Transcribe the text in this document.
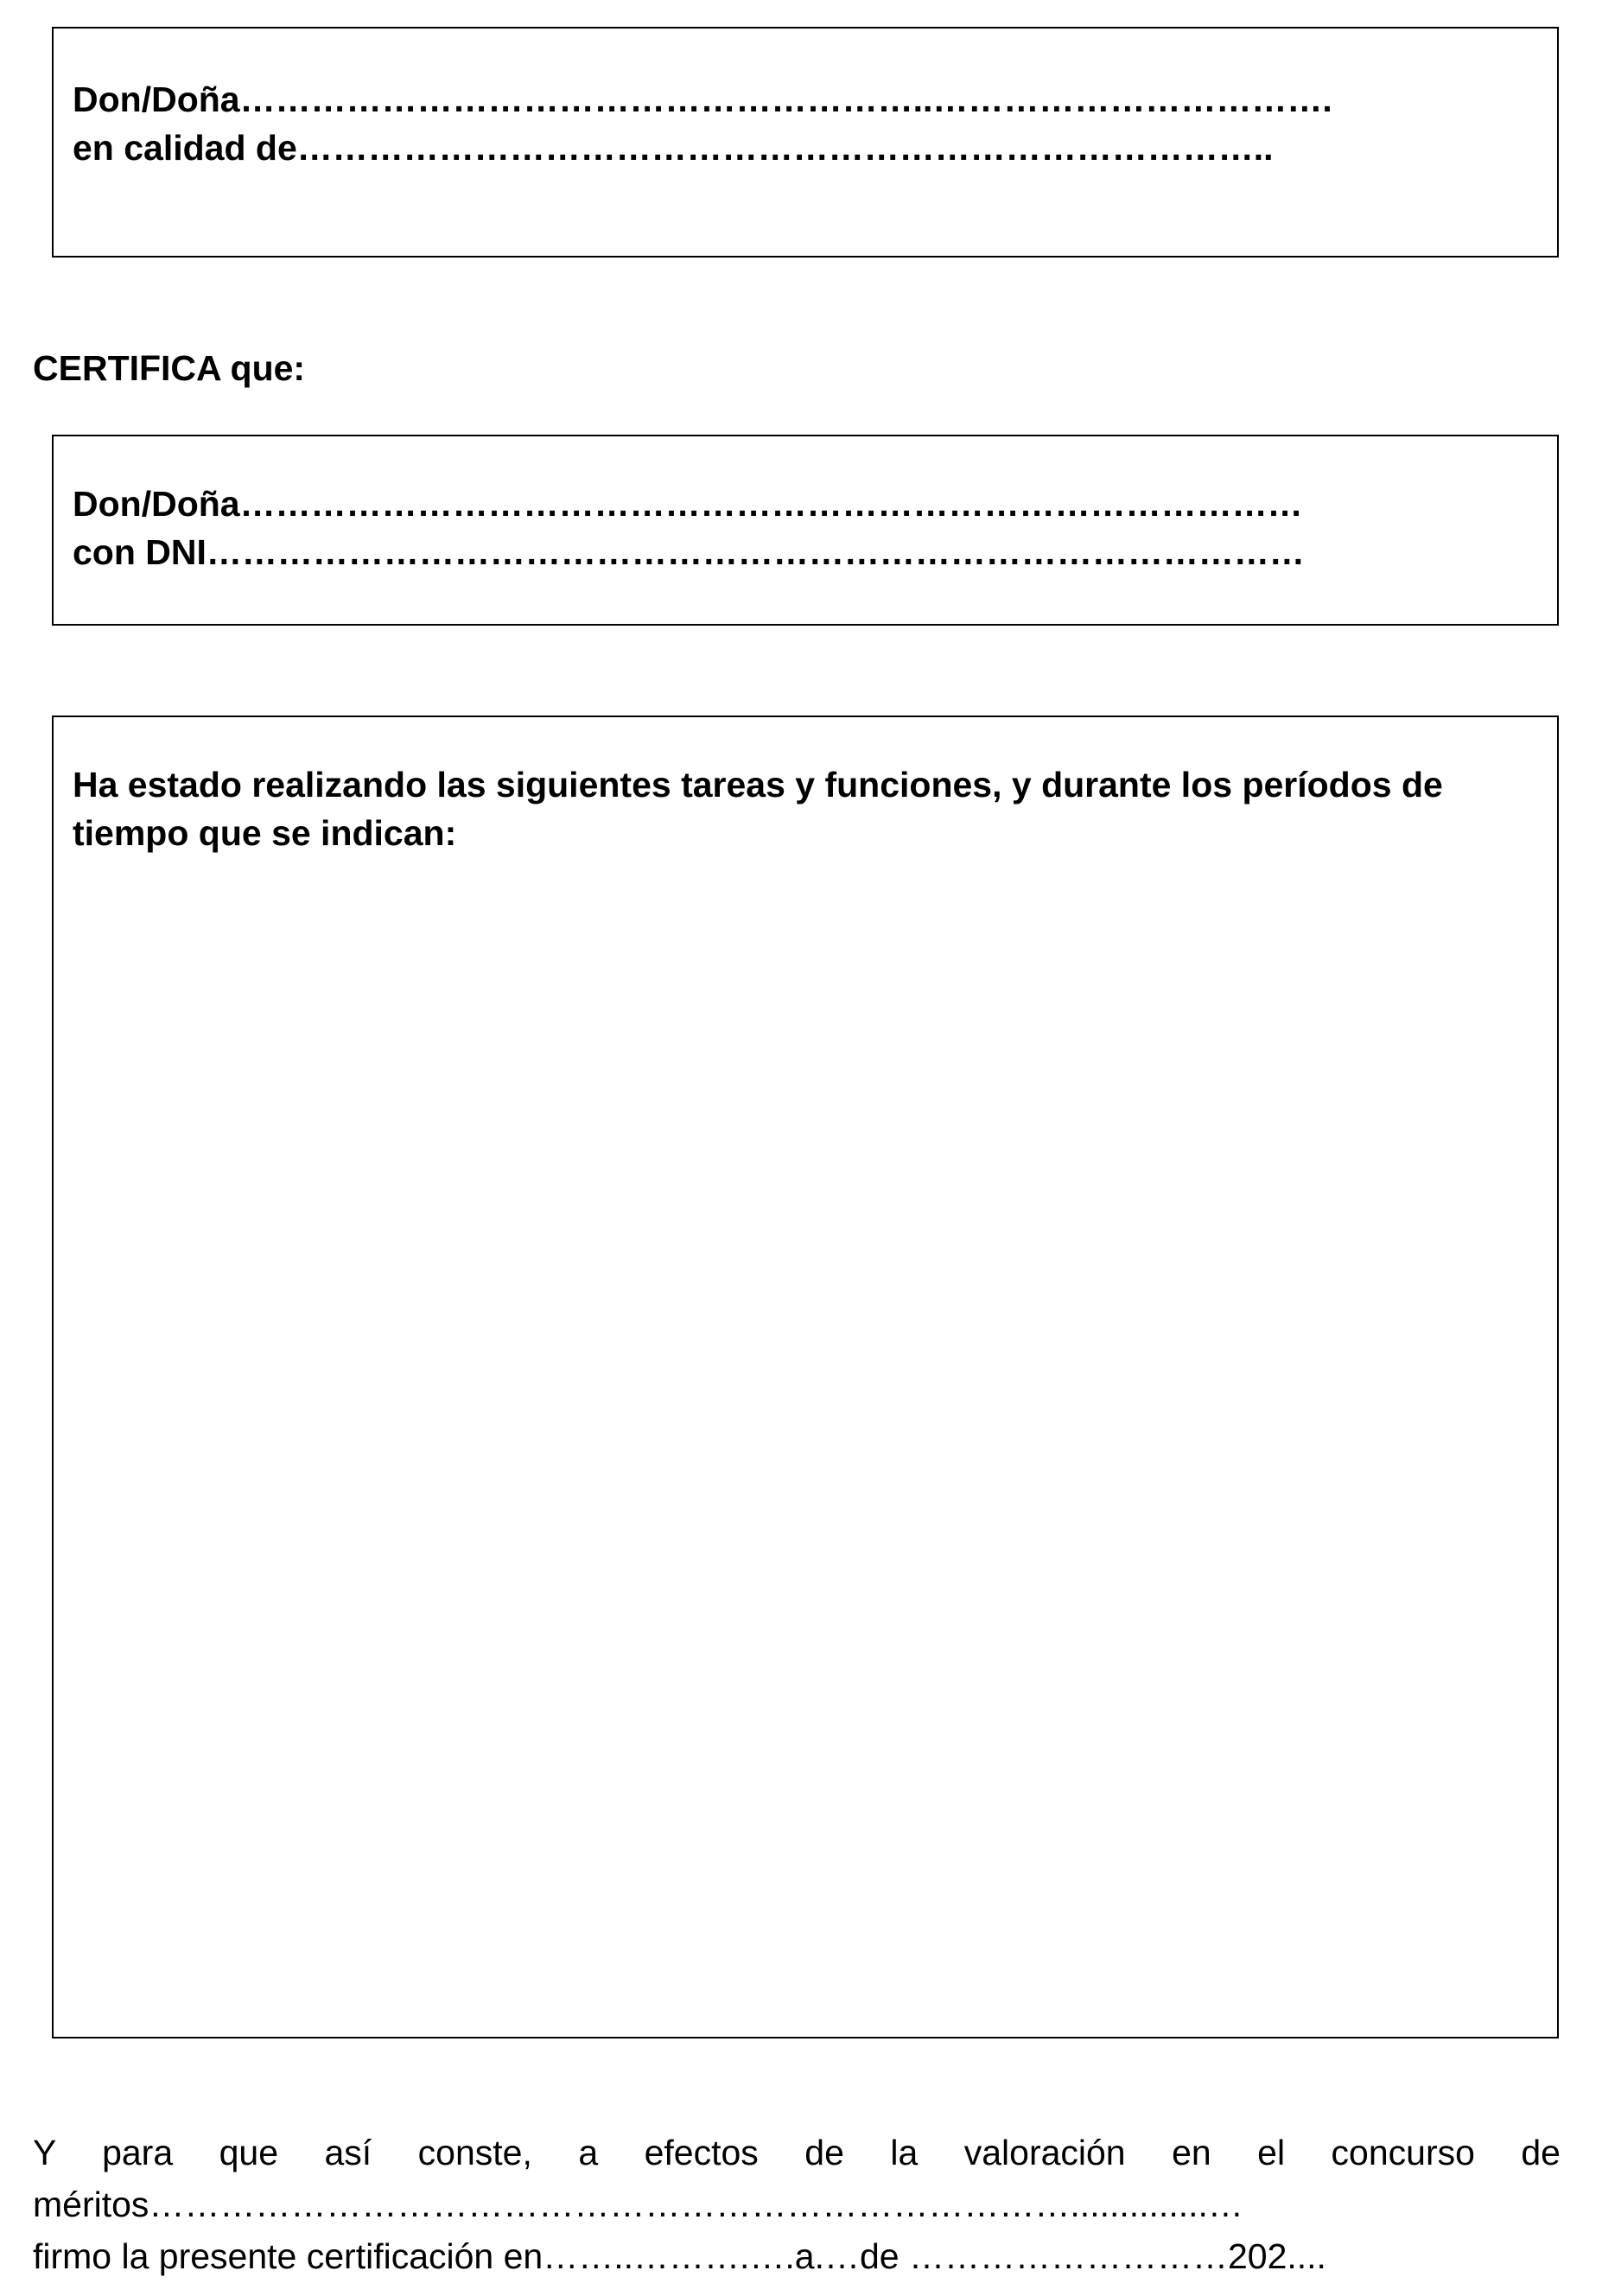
Don/Doña…………………………………………………..…………………………….
en calidad de………………………………………………………………………..
CERTIFICA que:
Don/Doña………………………………………………………………………………
con DNI…………………………………………………………………………………
Ha estado realizando las siguientes tareas y funciones, y durante los períodos de tiempo que se indican:
Y para que así conste, a efectos de la valoración en el concurso de
méritos……………………………………………………………………..............…
firmo la presente certificación en……..……….….a.…de ………………………202....
